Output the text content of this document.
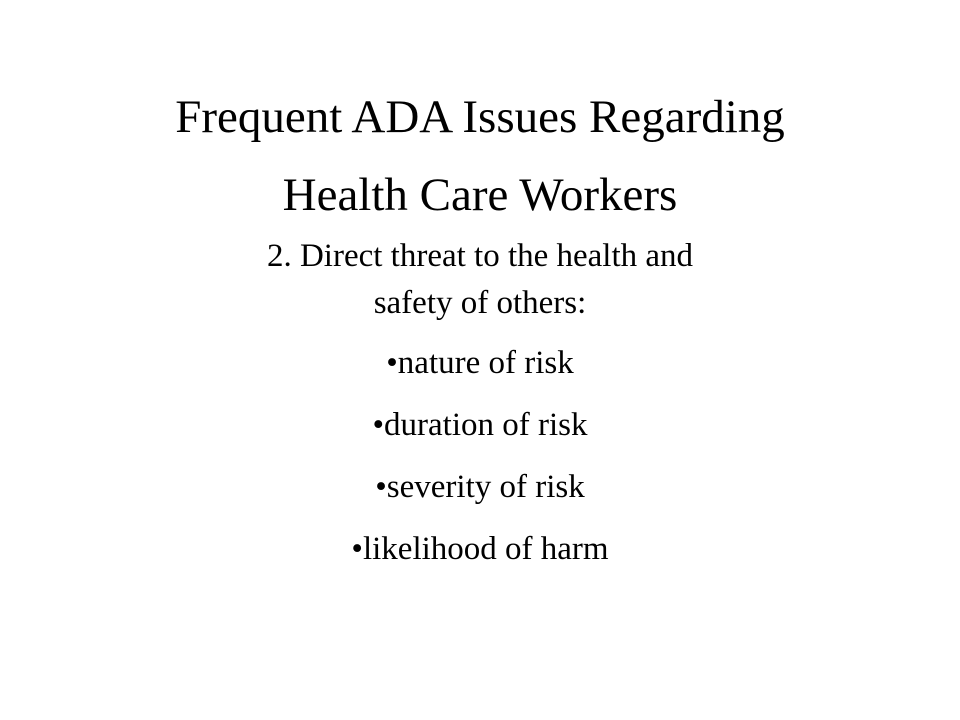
Frequent ADA Issues Regarding
Health Care Workers
2. Direct threat to the health and
safety of others:
•nature of risk
•duration of risk
•severity of risk
•likelihood of harm
